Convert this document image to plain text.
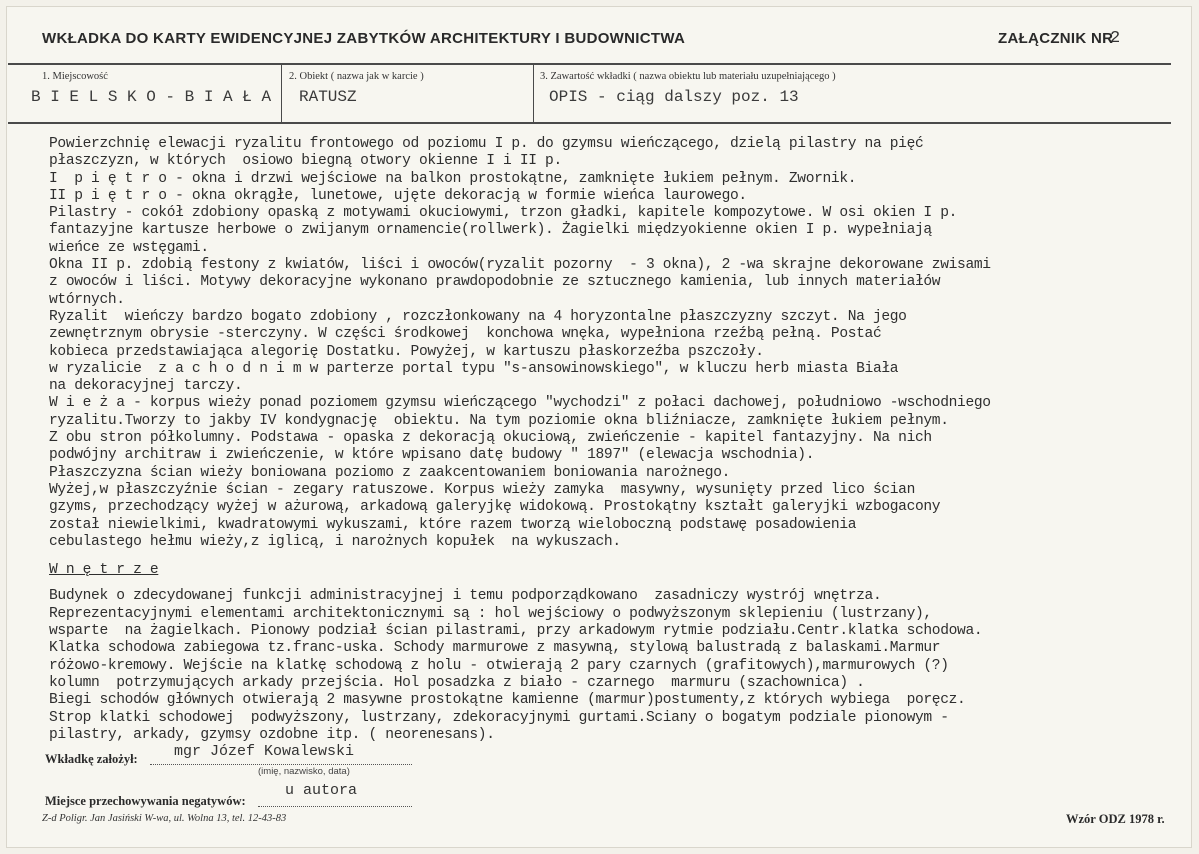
WKŁADKA DO KARTY EWIDENCYJNEJ ZABYTKÓW ARCHITEKTURY I BUDOWNICTWA	ZAŁĄCZNIK NR
2
1. Miejscowość
B I E L S K O - B I A Ł A
2. Obiekt ( nazwa jak w karcie )
RATUSZ
3. Zawartość wkładki ( nazwa obiektu lub materiału uzupełniającego )
OPIS - ciąg dalszy poz. 13
Powierzchnię elewacji ryzalitu frontowego od poziomu I p. do gzymsu wieńczącego, dzielą pilastry na pięć
płaszczyzn, w których  osiowo biegną otwory okienne I i II p.
I  p i ę t r o - okna i drzwi wejściowe na balkon prostokątne, zamknięte łukiem pełnym. Zwornik.
II p i ę t r o - okna okrągłe, lunetowe, ujęte dekoracją w formie wieńca laurowego.
Pilastry - cokół zdobiony opaską z motywami okuciowymi, trzon gładki, kapitele kompozytowe. W osi okien I p.
fantazyjne kartusze herbowe o zwijanym ornamencie(rollwerk). Żagielki międzyokienne okien I p. wypełniają
wieńce ze wstęgami.
Okna II p. zdobią festony z kwiatów, liści i owoców(ryzalit pozorny  - 3 okna), 2 -wa skrajne dekorowane zwisami
z owoców i liści. Motywy dekoracyjne wykonano prawdopodobnie ze sztucznego kamienia, lub innych materiałów
wtórnych.
Ryzalit  wieńczy bardzo bogato zdobiony , rozczłonkowany na 4 horyzontalne płaszczyzny szczyt. Na jego
zewnętrznym obrysie -sterczyny. W części środkowej  konchowa wnęka, wypełniona rzeźbą pełną. Postać
kobieca przedstawiająca alegorię Dostatku. Powyżej, w kartuszu płaskorzeźba pszczoły.
w ryzalicie  z a c h o d n i m w parterze portal typu "s-ansowinowskiego", w kluczu herb miasta Biała
na dekoracyjnej tarczy.
W i e ż a - korpus wieży ponad poziomem gzymsu wieńczącego "wychodzi" z połaci dachowej, południowo -wschodniego
ryzalitu.Tworzy to jakby IV kondygnację  obiektu. Na tym poziomie okna bliźniacze, zamknięte łukiem pełnym.
Z obu stron półkolumny. Podstawa - opaska z dekoracją okuciową, zwieńczenie - kapitel fantazyjny. Na nich
podwójny architraw i zwieńczenie, w które wpisano datę budowy " 1897" (elewacja wschodnia).
Płaszczyzna ścian wieży boniowana poziomo z zaakcentowaniem boniowania narożnego.
Wyżej,w płaszczyźnie ścian - zegary ratuszowe. Korpus wieży zamyka  masywny, wysunięty przed lico ścian
gzyms, przechodzący wyżej w ażurową, arkadową galeryjkę widokową. Prostokątny kształt galeryjki wzbogacony
został niewielkimi, kwadratowymi wykuszami, które razem tworzą wieloboczną podstawę posadowienia
cebulastego hełmu wieży,z iglicą, i narożnych kopułek  na wykuszach.
W n ę t r z e
Budynek o zdecydowanej funkcji administracyjnej i temu podporządkowano  zasadniczy wystrój wnętrza.
Reprezentacyjnymi elementami architektonicznymi są : hol wejściowy o podwyższonym sklepieniu (lustrzany),
wsparte  na żagielkach. Pionowy podział ścian pilastrami, przy arkadowym rytmie podziału.Centr.klatka schodowa.
Klatka schodowa zabiegowa tz.franc-uska. Schody marmurowe z masywną, stylową balustradą z balaskami.Marmur
różowo-kremowy. Wejście na klatkę schodową z holu - otwierają 2 pary czarnych (grafitowych),marmurowych (?)
kolumn  potrzymujących arkady przejścia. Hol posadzka z biało - czarnego  marmuru (szachownica) .
Biegi schodów głównych otwierają 2 masywne prostokątne kamienne (marmur)postumenty,z których wybiega  poręcz.
Strop klatki schodowej  podwyższony, lustrzany, zdekoracyjnymi gurtami.Sciany o bogatym podziale pionowym -
pilastry, arkady, gzymsy ozdobne itp. ( neorenesans).
Wkładkę założył: mgr Józef Kowalewski
(imię, nazwisko, data)
Miejsce przechowywania negatywów:
u autora
Z-d Poligr. Jan Jasiński W-wa, ul. Wolna 13, tel. 12-43-83	Wzór ODZ 1978 r.
